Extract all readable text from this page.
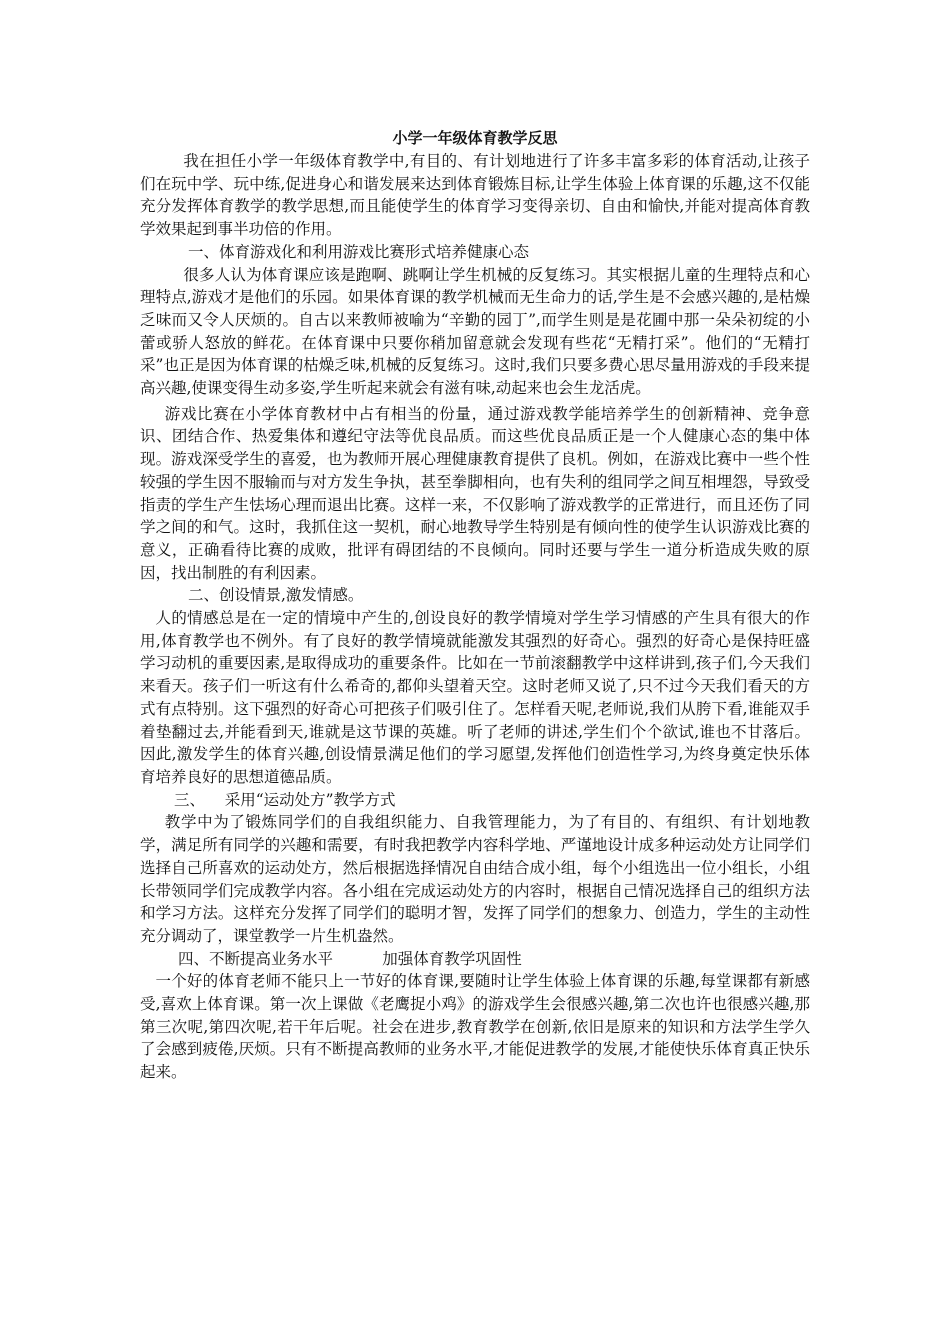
小学一年级体育教学反思

我在担任小学一年级体育教学中,有目的、有计划地进行了许多丰富多彩的体育活动,让孩子们在玩中学、玩中练,促进身心和谐发展来达到体育锻炼目标,让学生体验上体育课的乐趣,这不仅能充分发挥体育教学的教学思想,而且能使学生的体育学习变得亲切、自由和愉快,并能对提高体育教学效果起到事半功倍的作用。

一、体育游戏化和利用游戏比赛形式培养健康心态

很多人认为体育课应该是跑啊、跳啊让学生机械的反复练习。其实根据儿童的生理特点和心理特点,游戏才是他们的乐园。如果体育课的教学机械而无生命力的话,学生是不会感兴趣的,是枯燥乏味而又令人厌烦的。自古以来教师被喻为“辛勤的园丁”,而学生则是是花圃中那一朵朵初绽的小蕾或骄人怒放的鲜花。在体育课中只要你稍加留意就会发现有些花“无精打采”。他们的“无精打采”也正是因为体育课的枯燥乏味,机械的反复练习。这时,我们只要多费心思尽量用游戏的手段来提高兴趣,使课变得生动多姿,学生听起来就会有滋有味,动起来也会生龙活虎。

游戏比赛在小学体育教材中占有相当的份量，通过游戏教学能培养学生的创新精神、竞争意识、团结合作、热爱集体和遵纪守法等优良品质。而这些优良品质正是一个人健康心态的集中体现。游戏深受学生的喜爱，也为教师开展心理健康教育提供了良机。例如，在游戏比赛中一些个性较强的学生因不服输而与对方发生争执，甚至拳脚相向，也有失利的组同学之间互相埋怨，导致受指责的学生产生怯场心理而退出比赛。这样一来，不仅影响了游戏教学的正常进行，而且还伤了同学之间的和气。这时，我抓住这一契机，耐心地教导学生特别是有倾向性的使学生认识游戏比赛的意义，正确看待比赛的成败，批评有碍团结的不良倾向。同时还要与学生一道分析造成失败的原因，找出制胜的有利因素。

二、创设情景,激发情感。

人的情感总是在一定的情境中产生的,创设良好的教学情境对学生学习情感的产生具有很大的作用,体育教学也不例外。有了良好的教学情境就能激发其强烈的好奇心。强烈的好奇心是保持旺盛学习动机的重要因素,是取得成功的重要条件。比如在一节前滚翻教学中这样讲到,孩子们,今天我们来看天。孩子们一听这有什么希奇的,都仰头望着天空。这时老师又说了,只不过今天我们看天的方式有点特别。这下强烈的好奇心可把孩子们吸引住了。怎样看天呢,老师说,我们从胯下看,谁能双手着垫翻过去,并能看到天,谁就是这节课的英雄。听了老师的讲述,学生们个个欲试,谁也不甘落后。因此,激发学生的体育兴趣,创设情景满足他们的学习愿望,发挥他们创造性学习,为终身奠定快乐体育培养良好的思想道德品质。

三、    采用“运动处方”教学方式

教学中为了锻炼同学们的自我组织能力、自我管理能力，为了有目的、有组织、有计划地教学，满足所有同学的兴趣和需要，有时我把教学内容科学地、严谨地设计成多种运动处方让同学们选择自己所喜欢的运动处方，然后根据选择情况自由结合成小组，每个小组选出一位小组长，小组长带领同学们完成教学内容。各小组在完成运动处方的内容时，根据自己情况选择自己的组织方法和学习方法。这样充分发挥了同学们的聪明才智，发挥了同学们的想象力、创造力，学生的主动性充分调动了，课堂教学一片生机盎然。

四、不断提高业务水平          加强体育教学巩固性

一个好的体育老师不能只上一节好的体育课,要随时让学生体验上体育课的乐趣,每堂课都有新感受,喜欢上体育课。第一次上课做《老鹰捉小鸡》的游戏学生会很感兴趣,第二次也许也很感兴趣,那第三次呢,第四次呢,若干年后呢。社会在进步,教育教学在创新,依旧是原来的知识和方法学生学久了会感到疲倦,厌烦。只有不断提高教师的业务水平,才能促进教学的发展,才能使快乐体育真正快乐起来。
